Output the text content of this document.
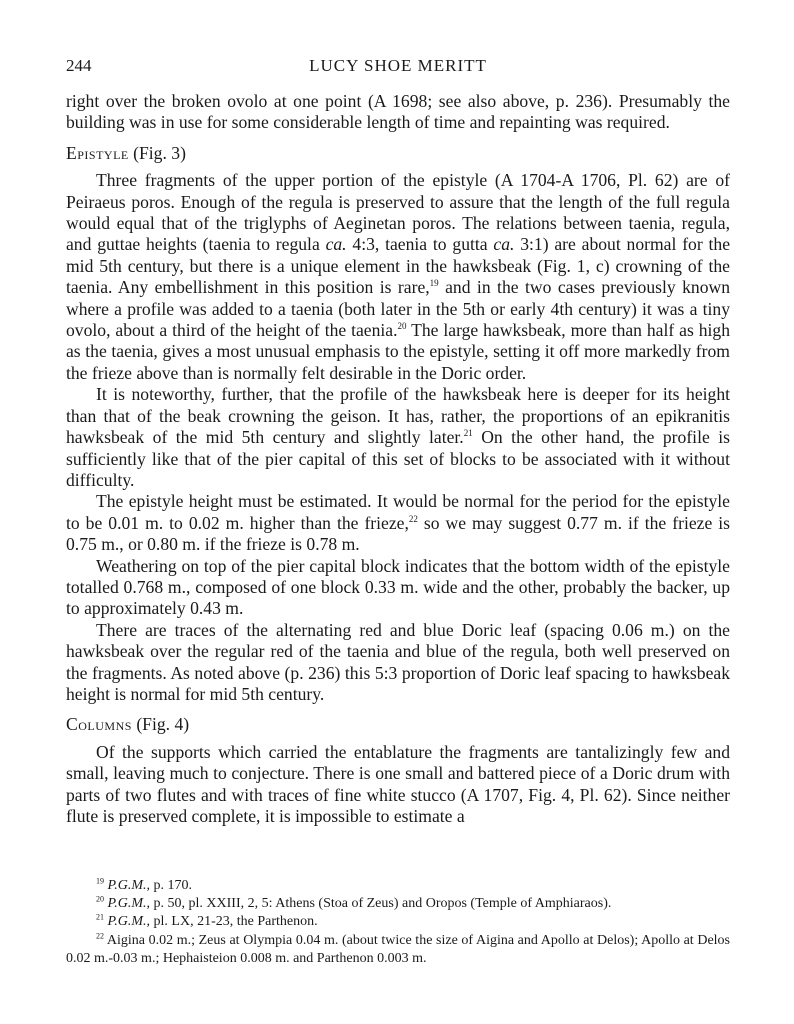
244	LUCY SHOE MERITT

right over the broken ovolo at one point (A 1698; see also above, p. 236). Presumably the building was in use for some considerable length of time and repainting was required.

Epistyle (Fig. 3)

Three fragments of the upper portion of the epistyle (A 1704-A 1706, Pl. 62) are of Peiraeus poros. Enough of the regula is preserved to assure that the length of the full regula would equal that of the triglyphs of Aeginetan poros. The relations between taenia, regula, and guttae heights (taenia to regula ca. 4:3, taenia to gutta ca. 3:1) are about normal for the mid 5th century, but there is a unique element in the hawksbeak (Fig. 1, c) crowning of the taenia. Any embellishment in this position is rare,$^{19}$ and in the two cases previously known where a profile was added to a taenia (both later in the 5th or early 4th century) it was a tiny ovolo, about a third of the height of the taenia.$^{20}$ The large hawksbeak, more than half as high as the taenia, gives a most unusual emphasis to the epistyle, setting it off more markedly from the frieze above than is normally felt desirable in the Doric order.

It is noteworthy, further, that the profile of the hawksbeak here is deeper for its height than that of the beak crowning the geison. It has, rather, the proportions of an epikranitis hawksbeak of the mid 5th century and slightly later.$^{21}$ On the other hand, the profile is sufficiently like that of the pier capital of this set of blocks to be associated with it without difficulty.

The epistyle height must be estimated. It would be normal for the period for the epistyle to be 0.01 m. to 0.02 m. higher than the frieze,$^{22}$ so we may suggest 0.77 m. if the frieze is 0.75 m., or 0.80 m. if the frieze is 0.78 m.

Weathering on top of the pier capital block indicates that the bottom width of the epistyle totalled 0.768 m., composed of one block 0.33 m. wide and the other, probably the backer, up to approximately 0.43 m.

There are traces of the alternating red and blue Doric leaf (spacing 0.06 m.) on the hawksbeak over the regular red of the taenia and blue of the regula, both well preserved on the fragments. As noted above (p. 236) this 5:3 proportion of Doric leaf spacing to hawksbeak height is normal for mid 5th century.

Columns (Fig. 4)

Of the supports which carried the entablature the fragments are tantalizingly few and small, leaving much to conjecture. There is one small and battered piece of a Doric drum with parts of two flutes and with traces of fine white stucco (A 1707, Fig. 4, Pl. 62). Since neither flute is preserved complete, it is impossible to estimate a

$^{19}$ P.G.M., p. 170.

$^{20}$ P.G.M., p. 50, pl. XXIII, 2, 5: Athens (Stoa of Zeus) and Oropos (Temple of Amphiaraos).

$^{21}$ P.G.M., pl. LX, 21-23, the Parthenon.

$^{22}$ Aigina 0.02 m.; Zeus at Olympia 0.04 m. (about twice the size of Aigina and Apollo at Delos); Apollo at Delos 0.02 m.-0.03 m.; Hephaisteion 0.008 m. and Parthenon 0.003 m.
